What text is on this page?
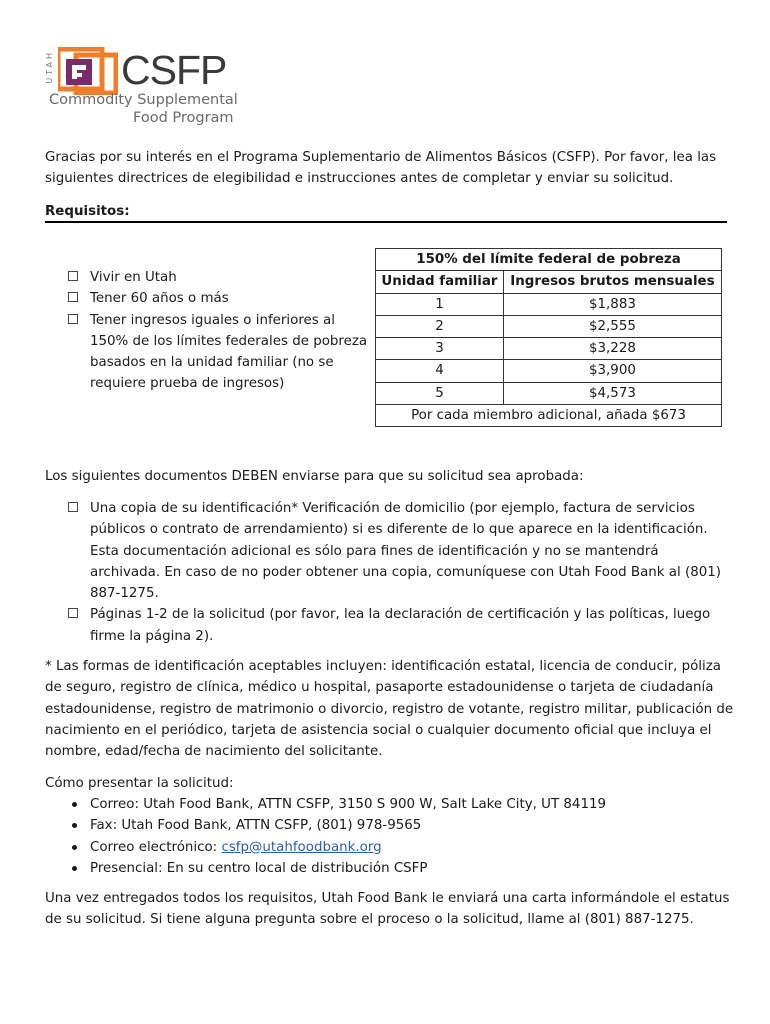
UTAH CSFP
Commodity Supplemental
Food Program

Gracias por su interés en el Programa Suplementario de Alimentos Básicos (CSFP). Por favor, lea las siguientes directrices de elegibilidad e instrucciones antes de completar y enviar su solicitud.

Requisitos:

Vivir en Utah
Tener 60 años o más
Tener ingresos iguales o inferiores al 150% de los límites federales de pobreza basados en la unidad familiar (no se requiere prueba de ingresos)
150% del límite federal de pobreza	
Unidad familiar	Ingresos brutos mensuales
1	$1,883
2	$2,555
3	$3,228
4	$3,900
5	$4,573
Por cada miembro adicional, añada $673	

Los siguientes documentos DEBEN enviarse para que su solicitud sea aprobada:

Una copia de su identificación* Verificación de domicilio (por ejemplo, factura de servicios públicos o contrato de arrendamiento) si es diferente de lo que aparece en la identificación. Esta documentación adicional es sólo para fines de identificación y no se mantendrá archivada. En caso de no poder obtener una copia, comuníquese con Utah Food Bank al (801) 887-1275.
Páginas 1-2 de la solicitud (por favor, lea la declaración de certificación y las políticas, luego firme la página 2).

* Las formas de identificación aceptables incluyen: identificación estatal, licencia de conducir, póliza de seguro, registro de clínica, médico u hospital, pasaporte estadounidense o tarjeta de ciudadanía estadounidense, registro de matrimonio o divorcio, registro de votante, registro militar, publicación de nacimiento en el periódico, tarjeta de asistencia social o cualquier documento oficial que incluya el nombre, edad/fecha de nacimiento del solicitante.

Cómo presentar la solicitud:

Correo: Utah Food Bank, ATTN CSFP, 3150 S 900 W, Salt Lake City, UT 84119
Fax: Utah Food Bank, ATTN CSFP, (801) 978-9565
Correo electrónico: csfp@utahfoodbank.org
Presencial: En su centro local de distribución CSFP

Una vez entregados todos los requisitos, Utah Food Bank le enviará una carta informándole el estatus de su solicitud. Si tiene alguna pregunta sobre el proceso o la solicitud, llame al (801) 887-1275.
